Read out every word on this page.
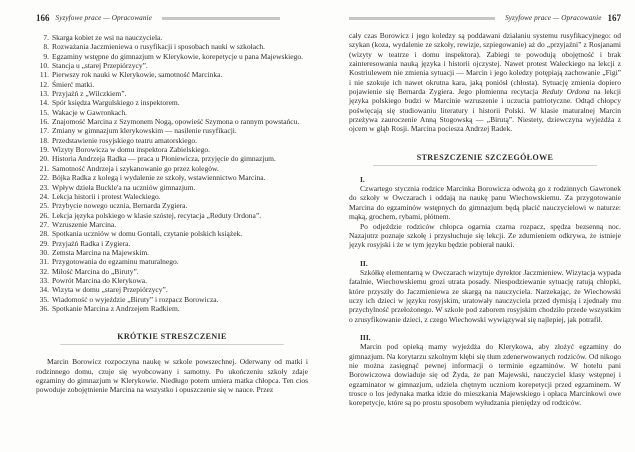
166 Syzyfowe prace — Opracowanie
7. Skarga kobiet ze wsi na nauczyciela.
8. Rozważania Jaczmieniewa o rusyfikacji i sposobach nauki w szkołach.
9. Egzaminy wstępne do gimnazjum w Klerykowie, korepetycje u pana Majewskiego.
10. Stancja u „starej Przepiórzycy”.
11. Pierwszy rok nauki w Klerykowie, samotność Marcinka.
12. Śmierć matki.
13. Przyjaźń z „Wilczkiem”.
14. Spór księdza Wargulskiego z inspektorem.
15. Wakacje w Gawronkach.
16. Znajomość Marcina z Szymonem Nogą, opowieść Szymona o rannym powstańcu.
17. Zmiany w gimnazjum klerykowskim — nasilenie rusyfikacji.
18. Przedstawienie rosyjskiego teatru amatorskiego.
19. Wizyty Borowicza w domu inspektora Zabielskiego.
20. Historia Andrzeja Radka — praca u Płoniewicza, przyjęcie do gimnazjum.
21. Samotność Andrzeja i szykanowanie go przez kolegów.
22. Bójka Radka z kolegą i wydalenie ze szkoły, wstawiennictwo Marcina.
23. Wpływ dzieła Buckle'a na uczniów gimnazjum.
24. Lekcja historii i protest Waleckiego.
25. Przybycie nowego ucznia, Bernarda Zygiera.
26. Lekcja języka polskiego w klasie szóstej, recytacja „Reduty Ordona”.
27. Wzruszenie Marcina.
28. Spotkania uczniów w domu Gontali, czytanie polskich książek.
29. Przyjaźń Radka i Zygiera.
30. Zemsta Marcina na Majewskim.
31. Przygotowania do egzaminu maturalnego.
32. Miłość Marcina do „Biruty”.
33. Powrót Marcina do Klerykowa.
34. Wizyta w domu „starej Przepiórzycy”.
35. Wiadomość o wyjeździe „Biruty” i rozpacz Borowicza.
36. Spotkanie Marcina z Andrzejem Radkiem.
KRÓTKIE STRESZCZENIE

Marcin Borowicz rozpoczyna naukę w szkole powszechnej. Oderwany od matki i rodzinnego domu, czuje się wyobcowany i samotny. Po ukończeniu szkoły zdaje egzaminy do gimnazjum w Klerykowie. Niedługo potem umiera matka chłopca. Ten cios powoduje zobojętnienie Marcina na wszystko i opuszczenie się w nauce. Przez

Syzyfowe prace — Opracowanie 167

cały czas Borowicz i jego koledzy są poddawani działaniu systemu rusyfikacyjnego: od szykan (koza, wydalenie ze szkoły, rewizje, szpiegowanie) aż do „przyjaźni” z Rosjanami (wizyty w teatrze i domu inspektora). Zabiegi te powodują obojętność i brak zainteresowania nauką języka i historii ojczystej. Nawet protest Waleckiego na lekcji z Kostriulewem nie zmienia sytuacji — Marcin i jego koledzy potępiają zachowanie „Figi” i nie szokuje ich nawet okrutna kara, jaką poniósł (chłosta). Sytuację zmienia dopiero pojawienie się Bernarda Zygiera. Jego płomienna recytacja Reduty Ordona na lekcji języka polskiego budzi w Marcinie wzruszenie i uczucia patriotyczne. Odtąd chłopcy poświęcają się studiowaniu literatury i historii Polski. W klasie maturalnej Marcin przeżywa zauroczenie Anną Stogowską — „Birutą”. Niestety, dziewczyna wyjeżdża z ojcem w głąb Rosji. Marcina pociesza Andrzej Radek.

STRESZCZENIE SZCZEGÓŁOWE
I.

Czwartego stycznia rodzice Marcinka Borowicza odwożą go z rodzinnych Gawronek do szkoły w Owczarach i oddają na naukę panu Wiechowskiemu. Za przygotowanie Marcina do egzaminów wstępnych do gimnazjum będą płacić nauczycielowi w naturze: mąką, grochem, rybami, płótnem.

Po odjeździe rodziców chłopca ogarnia czarna rozpacz, spędza bezsenną noc. Nazajutrz poznaje szkołę i przysłuchuje się lekcji. Ze zdumieniem odkrywa, że istnieje język rosyjski i że w tym języku będzie pobierał nauki.

II.

Szkółkę elementarną w Owczarach wizytuje dyrektor Jaczmieniew. Wizytacja wypada fatalnie, Wiechowskiemu grozi utrata posady. Niespodziewanie sytuację ratują chłopki, które przyszły do Jaczmieniewa ze skargą na nauczyciela. Narzekając, że Wiechowski uczy ich dzieci w języku rosyjskim, uratowały nauczyciela przed dymisją i zjednały mu przychylność przełożonego. W szkole pod zaborem rosyjskim chodziło przede wszystkim o zrusyfikowanie dzieci, z czego Wiechowski wywiązywał się najlepiej, jak potrafił.

III.

Marcin pod opieką mamy wyjeżdża do Klerykowa, aby złożyć egzaminy do gimnazjum. Na korytarzu szkolnym kłębi się tłum zdenerwowanych rodziców. Od nikogo nie można zasięgnąć pewnej informacji o terminie egzaminów. W hotelu pani Borowiczowa dowiaduje się od Żyda, że pan Majewski, nauczyciel klasy wstępnej i egzaminator w gimnazjum, udziela chętnym uczniom korepetycji przed egzaminem. W trosce o los jedynaka matka idzie do mieszkania Majewskiego i opłaca Marcinkowi owe korepetycje, które są po prostu sposobem wyłudzania pieniędzy od rodziców.
